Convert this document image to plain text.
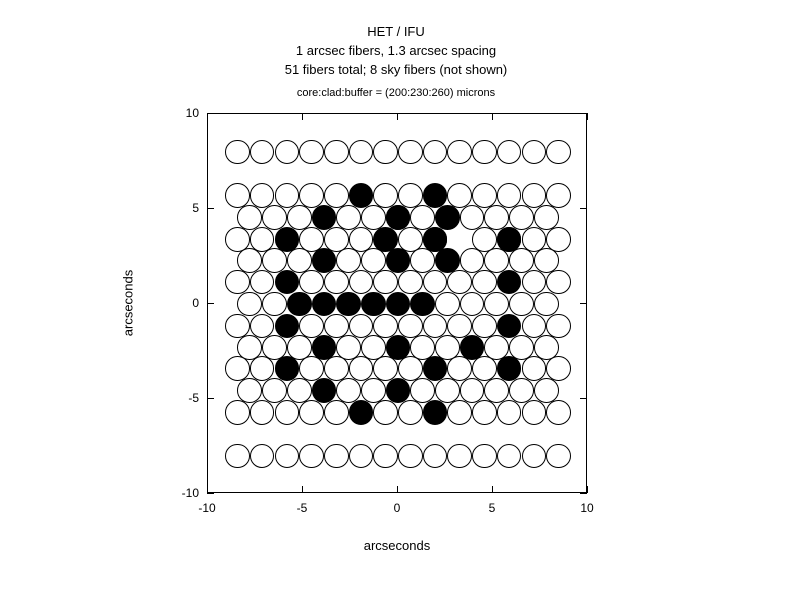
HET / IFU
1 arcsec fibers, 1.3 arcsec spacing
51 fibers total; 8 sky fibers (not shown)
core:clad:buffer = (200:230:260) microns
-10	-5	0	5	10
-10
-5
0
5
10
arcseconds
arcseconds
